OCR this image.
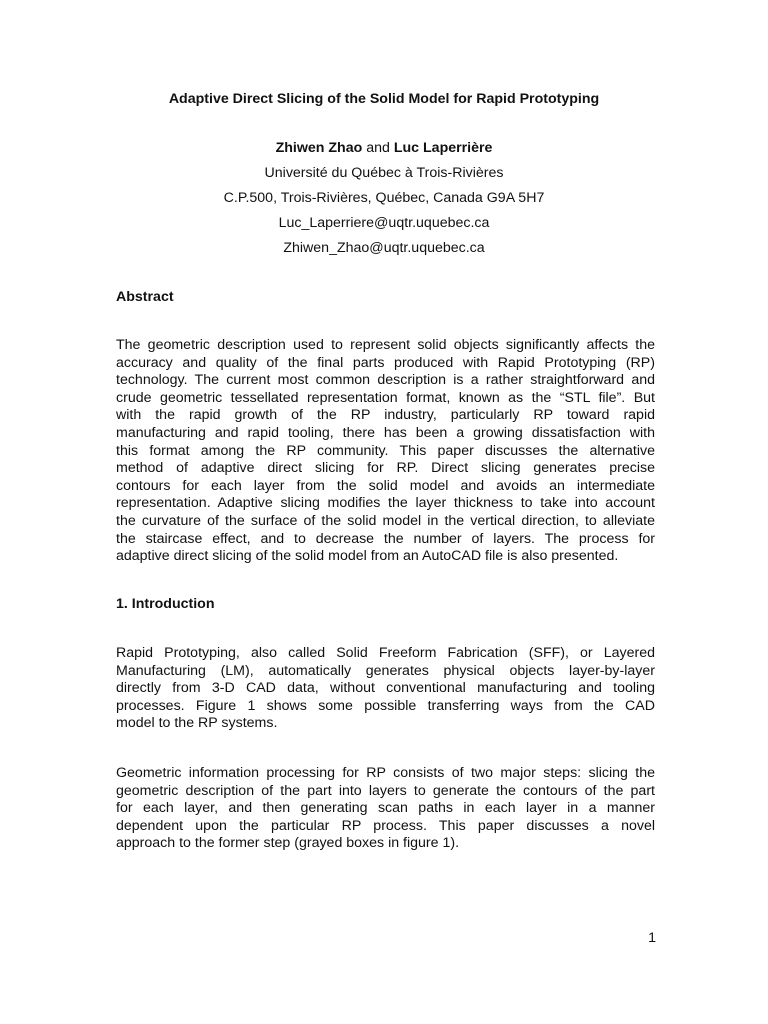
Adaptive Direct Slicing of the Solid Model for Rapid Prototyping
Zhiwen Zhao and Luc Laperrière
Université du Québec à Trois-Rivières
C.P.500, Trois-Rivières, Québec, Canada G9A 5H7
Luc_Laperriere@uqtr.uquebec.ca
Zhiwen_Zhao@uqtr.uquebec.ca
Abstract
The geometric description used to represent solid objects significantly affects the
accuracy and quality of the final parts produced with Rapid Prototyping (RP)
technology. The current most common description is a rather straightforward and
crude geometric tessellated representation format, known as the “STL file”. But
with the rapid growth of the RP industry, particularly RP toward rapid
manufacturing and rapid tooling, there has been a growing dissatisfaction with
this format among the RP community. This paper discusses the alternative
method of adaptive direct slicing for RP. Direct slicing generates precise
contours for each layer from the solid model and avoids an intermediate
representation. Adaptive slicing modifies the layer thickness to take into account
the curvature of the surface of the solid model in the vertical direction, to alleviate
the staircase effect, and to decrease the number of layers. The process for
adaptive direct slicing of the solid model from an AutoCAD file is also presented.
1. Introduction
Rapid Prototyping, also called Solid Freeform Fabrication (SFF), or Layered
Manufacturing (LM), automatically generates physical objects layer-by-layer
directly from 3-D CAD data, without conventional manufacturing and tooling
processes. Figure 1 shows some possible transferring ways from the CAD
model to the RP systems.
Geometric information processing for RP consists of two major steps: slicing the
geometric description of the part into layers to generate the contours of the part
for each layer, and then generating scan paths in each layer in a manner
dependent upon the particular RP process. This paper discusses a novel
approach to the former step (grayed boxes in figure 1).
1
